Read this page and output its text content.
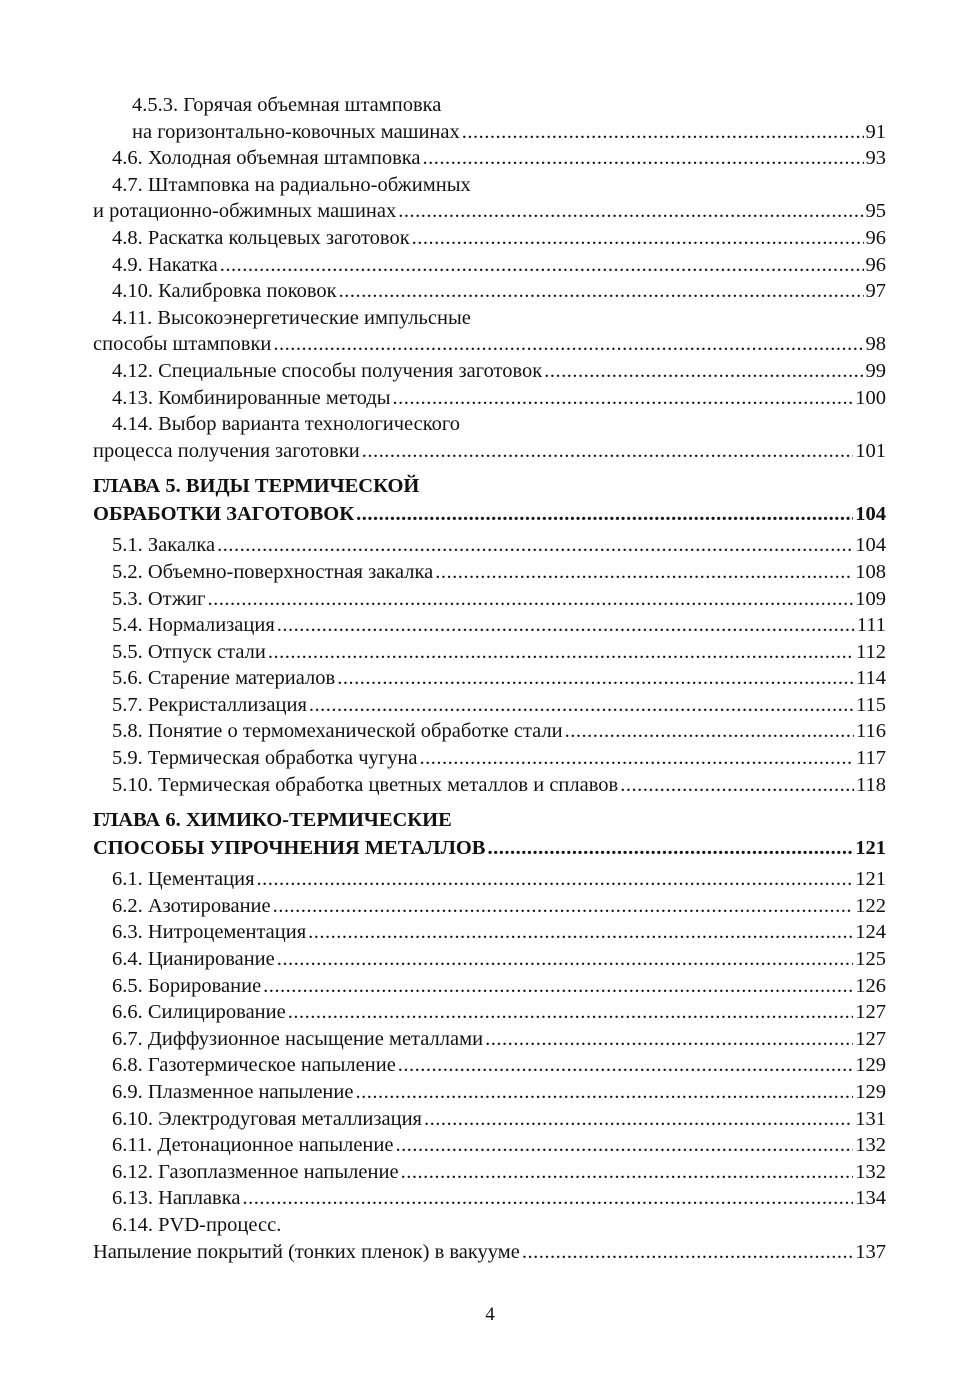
4.5.3. Горячая объемная штамповка
на горизонтально-ковочных машинах .....	91
4.6. Холодная объемная штамповка .....	93
4.7. Штамповка на радиально-обжимных
и ротационно-обжимных машинах .....	95
4.8. Раскатка кольцевых заготовок .....	96
4.9. Накатка .....	96
4.10. Калибровка поковок .....	97
4.11. Высокоэнергетические импульсные
способы штамповки .....	98
4.12. Специальные способы получения заготовок .....	99
4.13. Комбинированные методы .....	100
4.14. Выбор варианта технологического
процесса получения заготовки .....	101
ГЛАВА 5. ВИДЫ ТЕРМИЧЕСКОЙ
ОБРАБОТКИ ЗАГОТОВОК .....	104
5.1. Закалка .....	104
5.2. Объемно-поверхностная закалка .....	108
5.3. Отжиг .....	109
5.4. Нормализация .....	111
5.5. Отпуск стали .....	112
5.6. Старение материалов .....	114
5.7. Рекристаллизация .....	115
5.8. Понятие о термомеханической обработке стали .....	116
5.9. Термическая обработка чугуна .....	117
5.10. Термическая обработка цветных металлов и сплавов .....	118
ГЛАВА 6. ХИМИКО-ТЕРМИЧЕСКИЕ
СПОСОБЫ УПРОЧНЕНИЯ МЕТАЛЛОВ .....	121
6.1. Цементация .....	121
6.2. Азотирование .....	122
6.3. Нитроцементация .....	124
6.4. Цианирование .....	125
6.5. Борирование .....	126
6.6. Силицирование .....	127
6.7. Диффузионное насыщение металлами .....	127
6.8. Газотермическое напыление .....	129
6.9. Плазменное напыление .....	129
6.10. Электродуговая металлизация .....	131
6.11. Детонационное напыление .....	132
6.12. Газоплазменное напыление .....	132
6.13. Наплавка .....	134
6.14. PVD-процесс.
Напыление покрытий (тонких пленок) в вакууме .....	137
4
